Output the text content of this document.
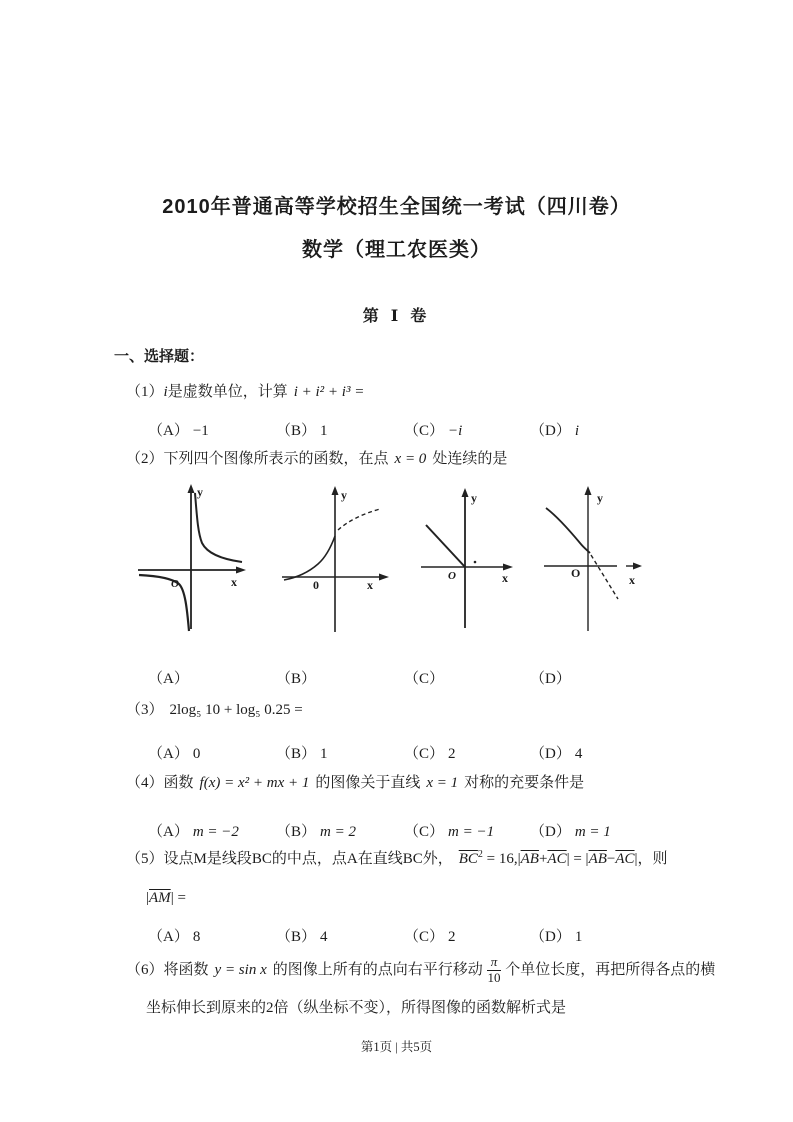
2010年普通高等学校招生全国统一考试（四川卷）
数学（理工农医类）
第 Ⅰ 卷
一、选择题：
（1）i是虚数单位，计算 i + i² + i³ =
（A） −1	（B） 1	（C） −i	（D） i
（2）下列四个图像所表示的函数，在点 x = 0 处连续的是
O	x
y
0	x
y
O	x
y
O	x
y
（A）	（B）	（C）	（D）
（3） 2log₅ 10 + log₅ 0.25 =
（A） 0	（B） 1	（C） 2	（D） 4
（4）函数 f(x) = x² + mx + 1 的图像关于直线 x = 1 对称的充要条件是
（A） m = −2 （B） m = 2	（C） m = −1 （D） m = 1
（5）设点M是线段BC的中点，点A在直线BC外， $\overline{BC}^2 = 16,|\overline{AB}+\overline{AC}| = |\overline{AB}-\overline{AC}|$，则
$|\overline{AM}|$ =
（A） 8	（B） 4	（C） 2	（D） 1
（6） 将函数 y = sin x 的图像上所有的点向右平行移动 $\frac{\pi}{10}$ 个单位长度，再把所得各点的横
坐标伸长到原来的2倍（纵坐标不变），所得图像的函数解析式是
第1页 | 共5页
